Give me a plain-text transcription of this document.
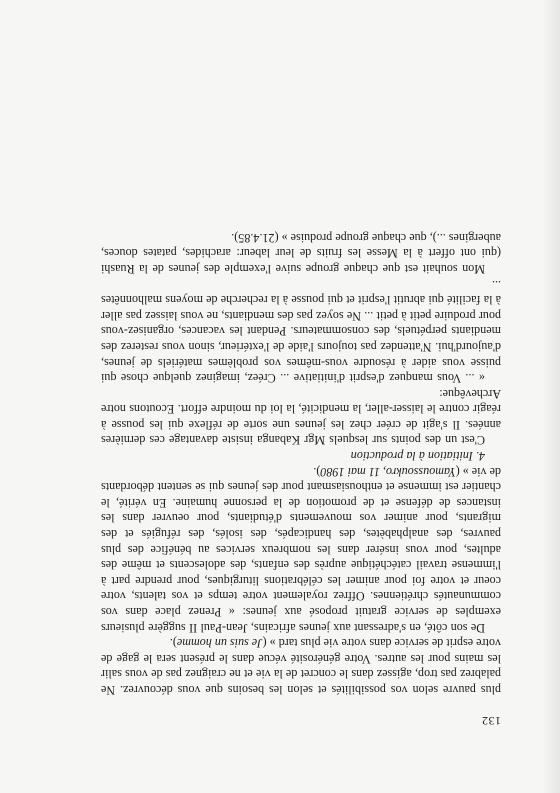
plus pauvre selon vos possibilités et selon les besoins que vous découvrez. Ne palabrez pas trop, agissez dans le concret de la vie et ne craignez pas de vous salir les mains pour les autres. Votre générosité vécue dans le présent sera le gage de votre esprit de service dans votre vie plus tard » (Je suis un homme).

De son côté, en s'adressant aux jeunes africains, Jean-Paul II suggère plusieurs exemples de service gratuit proposé aux jeunes: « Prenez place dans vos communautés chrétiennes. Offrez royalement votre temps et vos talents, votre coeur et votre foi pour animer les célébrations liturgiques, pour prendre part à l'immense travail catéchétique auprès des enfants, des adolescents et même des adultes, pour vous insérer dans les nombreux services au bénéfice des plus pauvres, des analphabètes, des handicapés, des isolés, des réfugiés et des migrants, pour animer vos mouvements d'étudiants, pour oeuvrer dans les instances de défense et de promotion de la personne humaine. En vérité, le chantier est immense et enthousiasmant pour des jeunes qui se sentent débordants de vie » (Yamoussoukro, 11 mai 1980).

4. Initiation à la production

C'est un des points sur lesquels Mgr Kabanga insiste davantage ces dernières années. Il s'agit de créer chez les jeunes une sorte de réflexe qui les pousse à réagir contre le laisser-aller, la mendicité, la loi du moindre effort. Ecoutons notre Archevêque:

« ... Vous manquez d'esprit d'initiative ... Créez, imaginez quelque chose qui puisse vous aider à résoudre vous-mêmes vos problèmes matériels de jeunes, d'aujourd'hui. N'attendez pas toujours l'aide de l'extérieur, sinon vous resterez des mendiants perpétuels, des consommateurs. Pendant les vacances, organisez-vous pour produire petit à petit ... Ne soyez pas des mendiants, ne vous laissez pas aller à la facilité qui abrutit l'esprit et qui pousse à la recherche de moyens malhonnêtes ...

Mon souhait est que chaque groupe suive l'exemple des jeunes de la Ruashi (qui ont offert à la Messe les fruits de leur labeur: arachides, patates douces, aubergines ...), que chaque groupe produise » (21.4.85).

132
